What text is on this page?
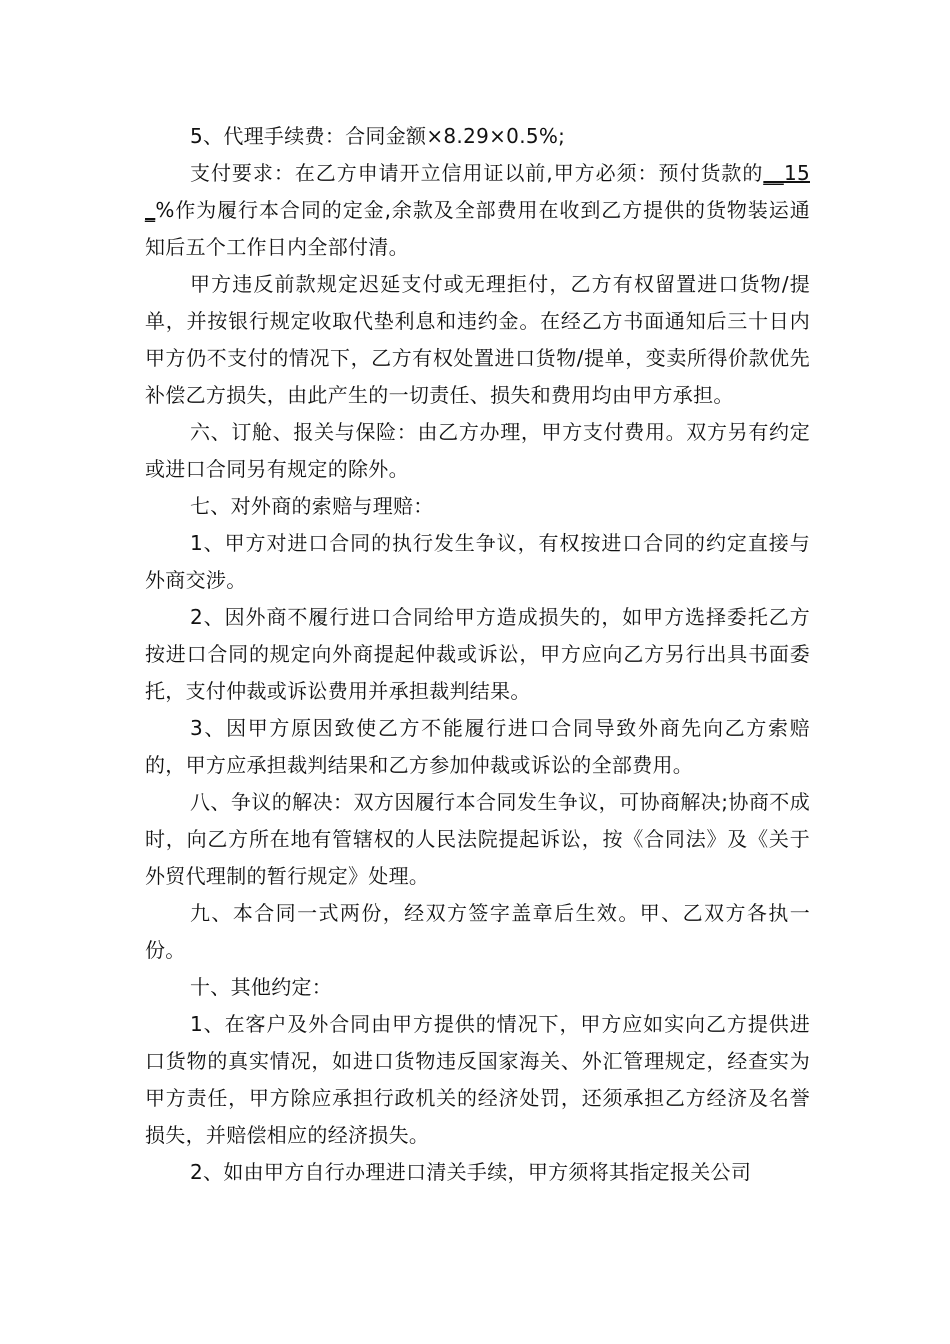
5、代理手续费：合同金额×8.29×0.5%;

支付要求：在乙方申请开立信用证以前,甲方必须：预付货款的__15_%作为履行本合同的定金,余款及全部费用在收到乙方提供的货物装运通知后五个工作日内全部付清。

甲方违反前款规定迟延支付或无理拒付，乙方有权留置进口货物/提单，并按银行规定收取代垫利息和违约金。在经乙方书面通知后三十日内甲方仍不支付的情况下，乙方有权处置进口货物/提单，变卖所得价款优先补偿乙方损失，由此产生的一切责任、损失和费用均由甲方承担。

六、订舱、报关与保险：由乙方办理，甲方支付费用。双方另有约定或进口合同另有规定的除外。

七、对外商的索赔与理赔：

1、甲方对进口合同的执行发生争议，有权按进口合同的约定直接与外商交涉。

2、因外商不履行进口合同给甲方造成损失的，如甲方选择委托乙方按进口合同的规定向外商提起仲裁或诉讼，甲方应向乙方另行出具书面委托，支付仲裁或诉讼费用并承担裁判结果。

3、因甲方原因致使乙方不能履行进口合同导致外商先向乙方索赔的，甲方应承担裁判结果和乙方参加仲裁或诉讼的全部费用。

八、争议的解决：双方因履行本合同发生争议，可协商解决;协商不成时，向乙方所在地有管辖权的人民法院提起诉讼，按《合同法》及《关于外贸代理制的暂行规定》处理。

九、本合同一式两份，经双方签字盖章后生效。甲、乙双方各执一份。

十、其他约定：

1、在客户及外合同由甲方提供的情况下，甲方应如实向乙方提供进口货物的真实情况，如进口货物违反国家海关、外汇管理规定，经查实为甲方责任，甲方除应承担行政机关的经济处罚，还须承担乙方经济及名誉损失，并赔偿相应的经济损失。

2、如由甲方自行办理进口清关手续，甲方须将其指定报关公司
